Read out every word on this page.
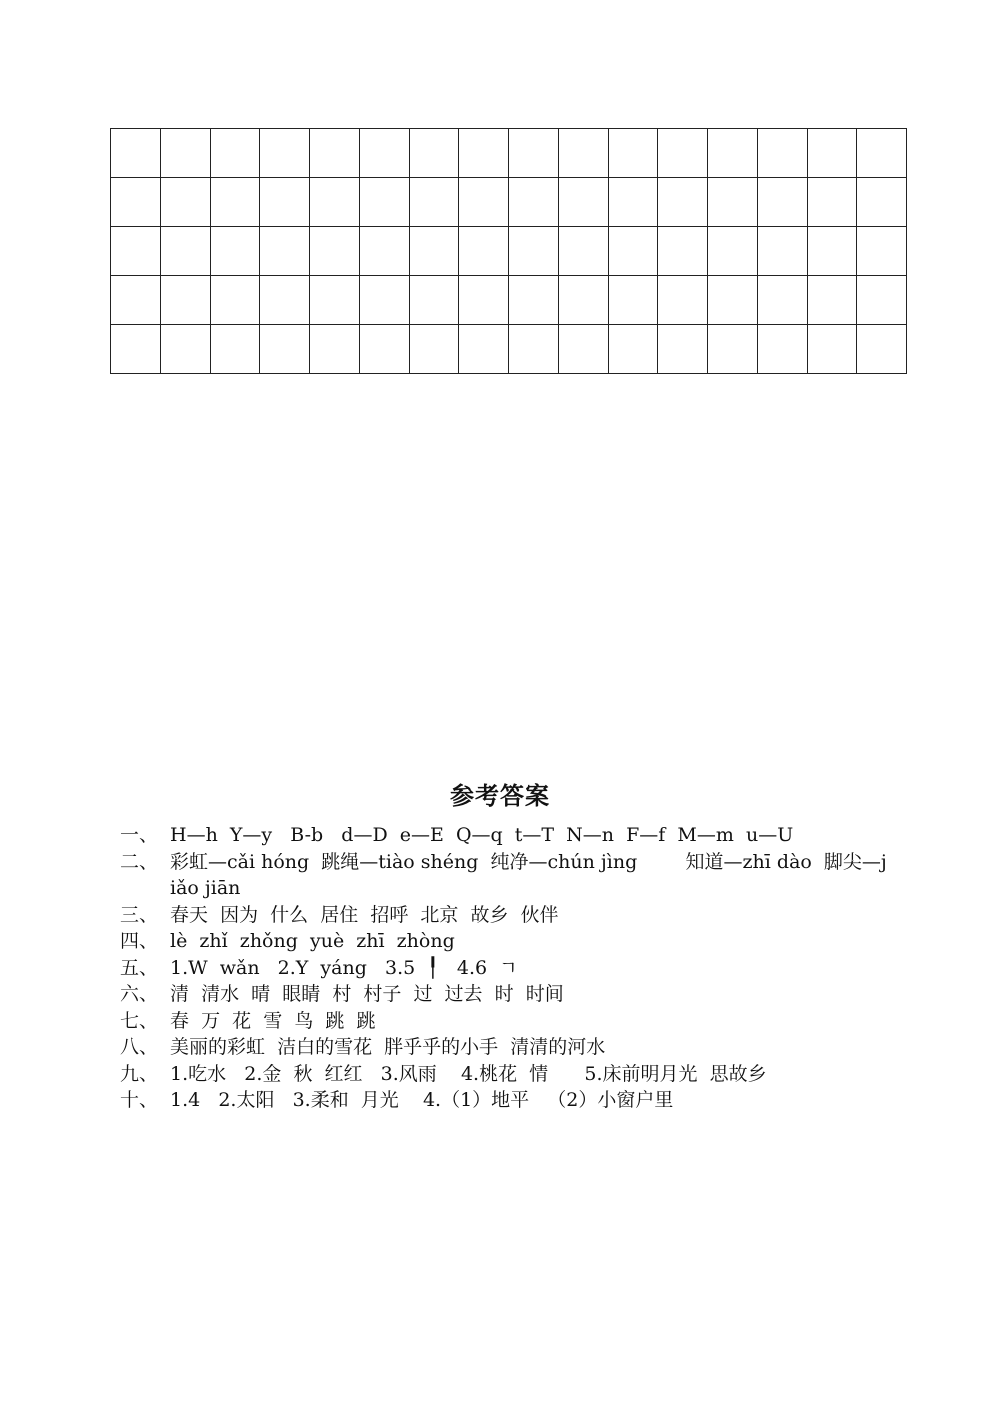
参考答案
一、 H—h  Y—y   B-b   d—D  e—E  Q—q  t—T  N—n  F—f  M—m  u—U
二、 彩虹—cǎi hóng  跳绳—tiào shéng  纯净—chún jìng        知道—zhī dào  脚尖—jiǎo jiān
三、 春天  因为  什么  居住  招呼  北京  故乡  伙伴
四、 lè  zhǐ  zhǒng  yuè  zhī  zhòng
五、 1.W  wǎn   2.Y  yáng   3.5  ╿   4.6  ㄱ
六、 清  清水  晴  眼睛  村  村子  过  过去  时  时间
七、 春  万  花  雪  鸟  跳  跳
八、 美丽的彩虹  洁白的雪花  胖乎乎的小手  清清的河水
九、 1.吃水   2.金  秋  红红   3.风雨    4.桃花  情      5.床前明月光  思故乡
十、 1.4   2.太阳   3.柔和  月光    4.（1）地平   （2）小窗户里
